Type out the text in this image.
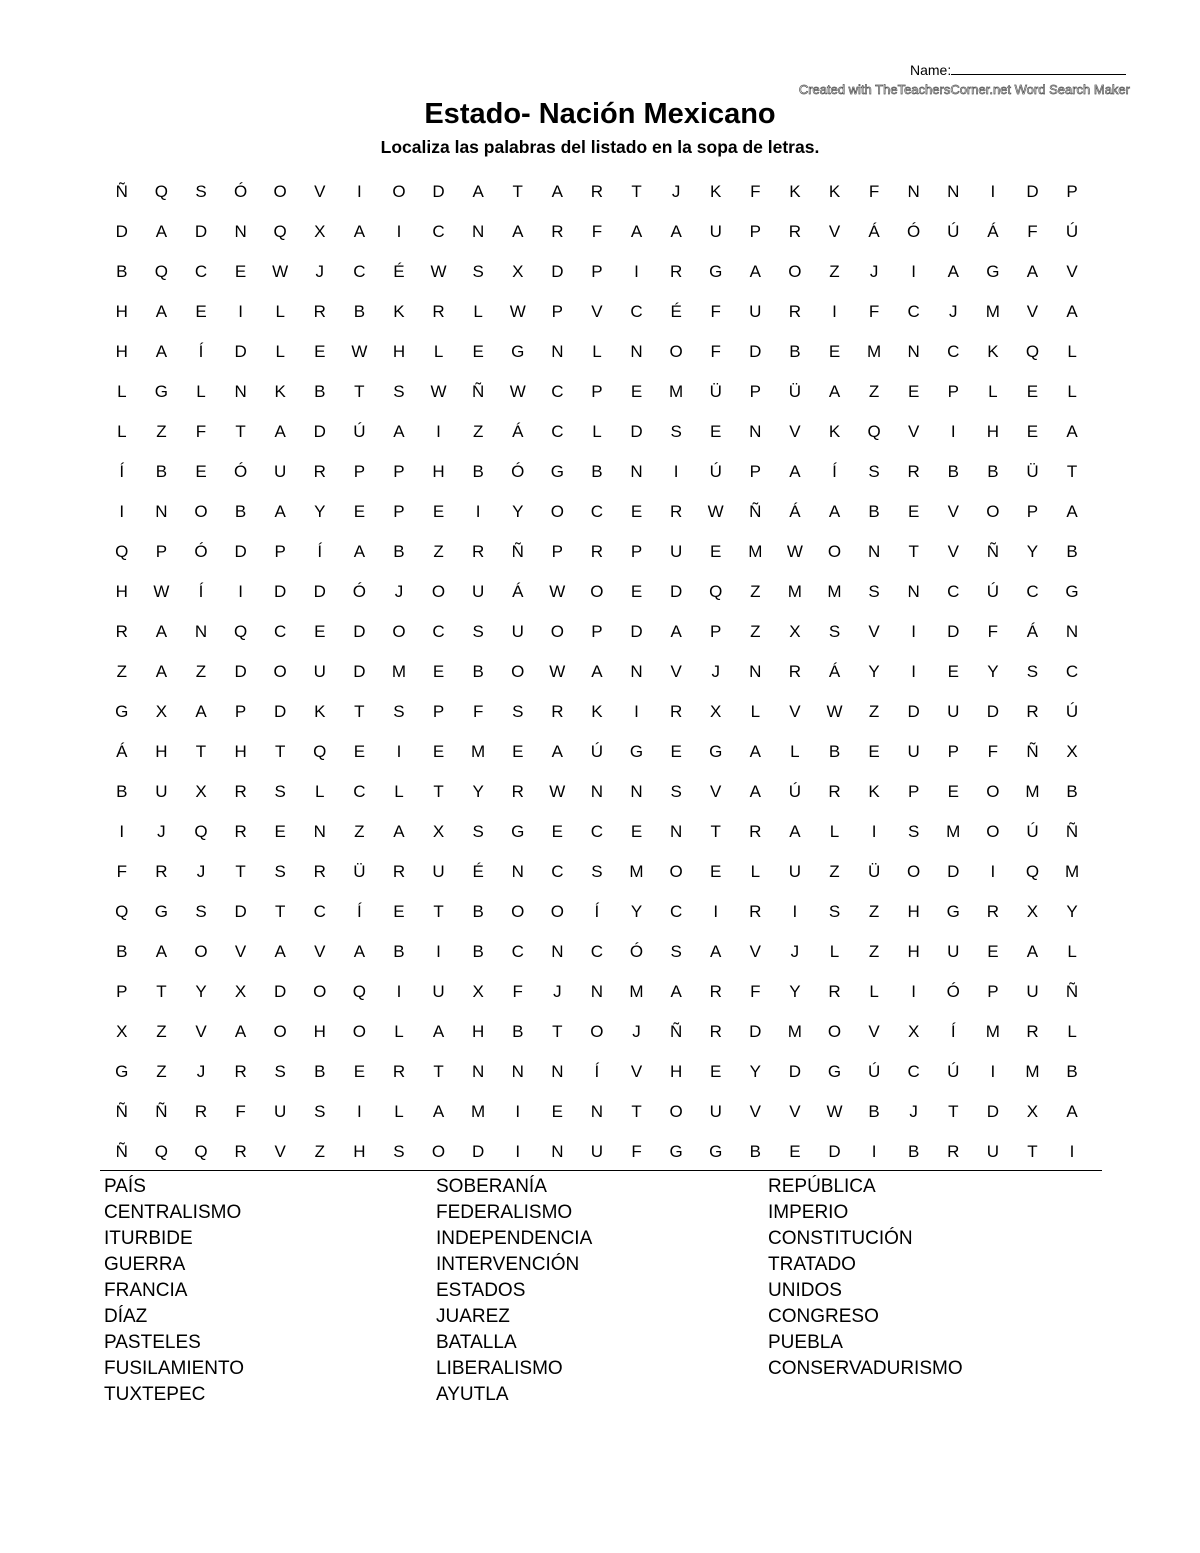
Name:
Created with TheTeachersCorner.net Word Search Maker
Estado- Nación Mexicano
Localiza las palabras del listado en la sopa de letras.
Ñ	Q	S	Ó	O	V	I	O	D	A	T	A	R	T	J	K	F	K	K	F	N	N	I	D	P
D	A	D	N	Q	X	A	I	C	N	A	R	F	A	A	U	P	R	V	Á	Ó	Ú	Á	F	Ú
B	Q	C	E	W	J	C	É	W	S	X	D	P	I	R	G	A	O	Z	J	I	A	G	A	V
H	A	E	I	L	R	B	K	R	L	W	P	V	C	É	F	U	R	I	F	C	J	M	V	A
H	A	Í	D	L	E	W	H	L	E	G	N	L	N	O	F	D	B	E	M	N	C	K	Q	L
L	G	L	N	K	B	T	S	W	Ñ	W	C	P	E	M	Ü	P	Ü	A	Z	E	P	L	E	L
L	Z	F	T	A	D	Ú	A	I	Z	Á	C	L	D	S	E	N	V	K	Q	V	I	H	E	A
Í	B	E	Ó	U	R	P	P	H	B	Ó	G	B	N	I	Ú	P	A	Í	S	R	B	B	Ü	T
I	N	O	B	A	Y	E	P	E	I	Y	O	C	E	R	W	Ñ	Á	A	B	E	V	O	P	A
Q	P	Ó	D	P	Í	A	B	Z	R	Ñ	P	R	P	U	E	M	W	O	N	T	V	Ñ	Y	B
H	W	Í	I	D	D	Ó	J	O	U	Á	W	O	E	D	Q	Z	M	M	S	N	C	Ú	C	G
R	A	N	Q	C	E	D	O	C	S	U	O	P	D	A	P	Z	X	S	V	I	D	F	Á	N
Z	A	Z	D	O	U	D	M	E	B	O	W	A	N	V	J	N	R	Á	Y	I	E	Y	S	C
G	X	A	P	D	K	T	S	P	F	S	R	K	I	R	X	L	V	W	Z	D	U	D	R	Ú
Á	H	T	H	T	Q	E	I	E	M	E	A	Ú	G	E	G	A	L	B	E	U	P	F	Ñ	X
B	U	X	R	S	L	C	L	T	Y	R	W	N	N	S	V	A	Ú	R	K	P	E	O	M	B
I	J	Q	R	E	N	Z	A	X	S	G	E	C	E	N	T	R	A	L	I	S	M	O	Ú	Ñ
F	R	J	T	S	R	Ü	R	U	É	N	C	S	M	O	E	L	U	Z	Ü	O	D	I	Q	M
Q	G	S	D	T	C	Í	E	T	B	O	O	Í	Y	C	I	R	I	S	Z	H	G	R	X	Y
B	A	O	V	A	V	A	B	I	B	C	N	C	Ó	S	A	V	J	L	Z	H	U	E	A	L
P	T	Y	X	D	O	Q	I	U	X	F	J	N	M	A	R	F	Y	R	L	I	Ó	P	U	Ñ
X	Z	V	A	O	H	O	L	A	H	B	T	O	J	Ñ	R	D	M	O	V	X	Í	M	R	L
G	Z	J	R	S	B	E	R	T	N	N	N	Í	V	H	E	Y	D	G	Ú	C	Ú	I	M	B
Ñ	Ñ	R	F	U	S	I	L	A	M	I	E	N	T	O	U	V	V	W	B	J	T	D	X	A
Ñ	Q	Q	R	V	Z	H	S	O	D	I	N	U	F	G	G	B	E	D	I	B	R	U	T	I
PAÍS
CENTRALISMO
ITURBIDE
GUERRA
FRANCIA
DÍAZ
PASTELES
FUSILAMIENTO
TUXTEPEC
SOBERANÍA
FEDERALISMO
INDEPENDENCIA
INTERVENCIÓN
ESTADOS
JUAREZ
BATALLA
LIBERALISMO
AYUTLA
REPÚBLICA
IMPERIO
CONSTITUCIÓN
TRATADO
UNIDOS
CONGRESO
PUEBLA
CONSERVADURISMO
